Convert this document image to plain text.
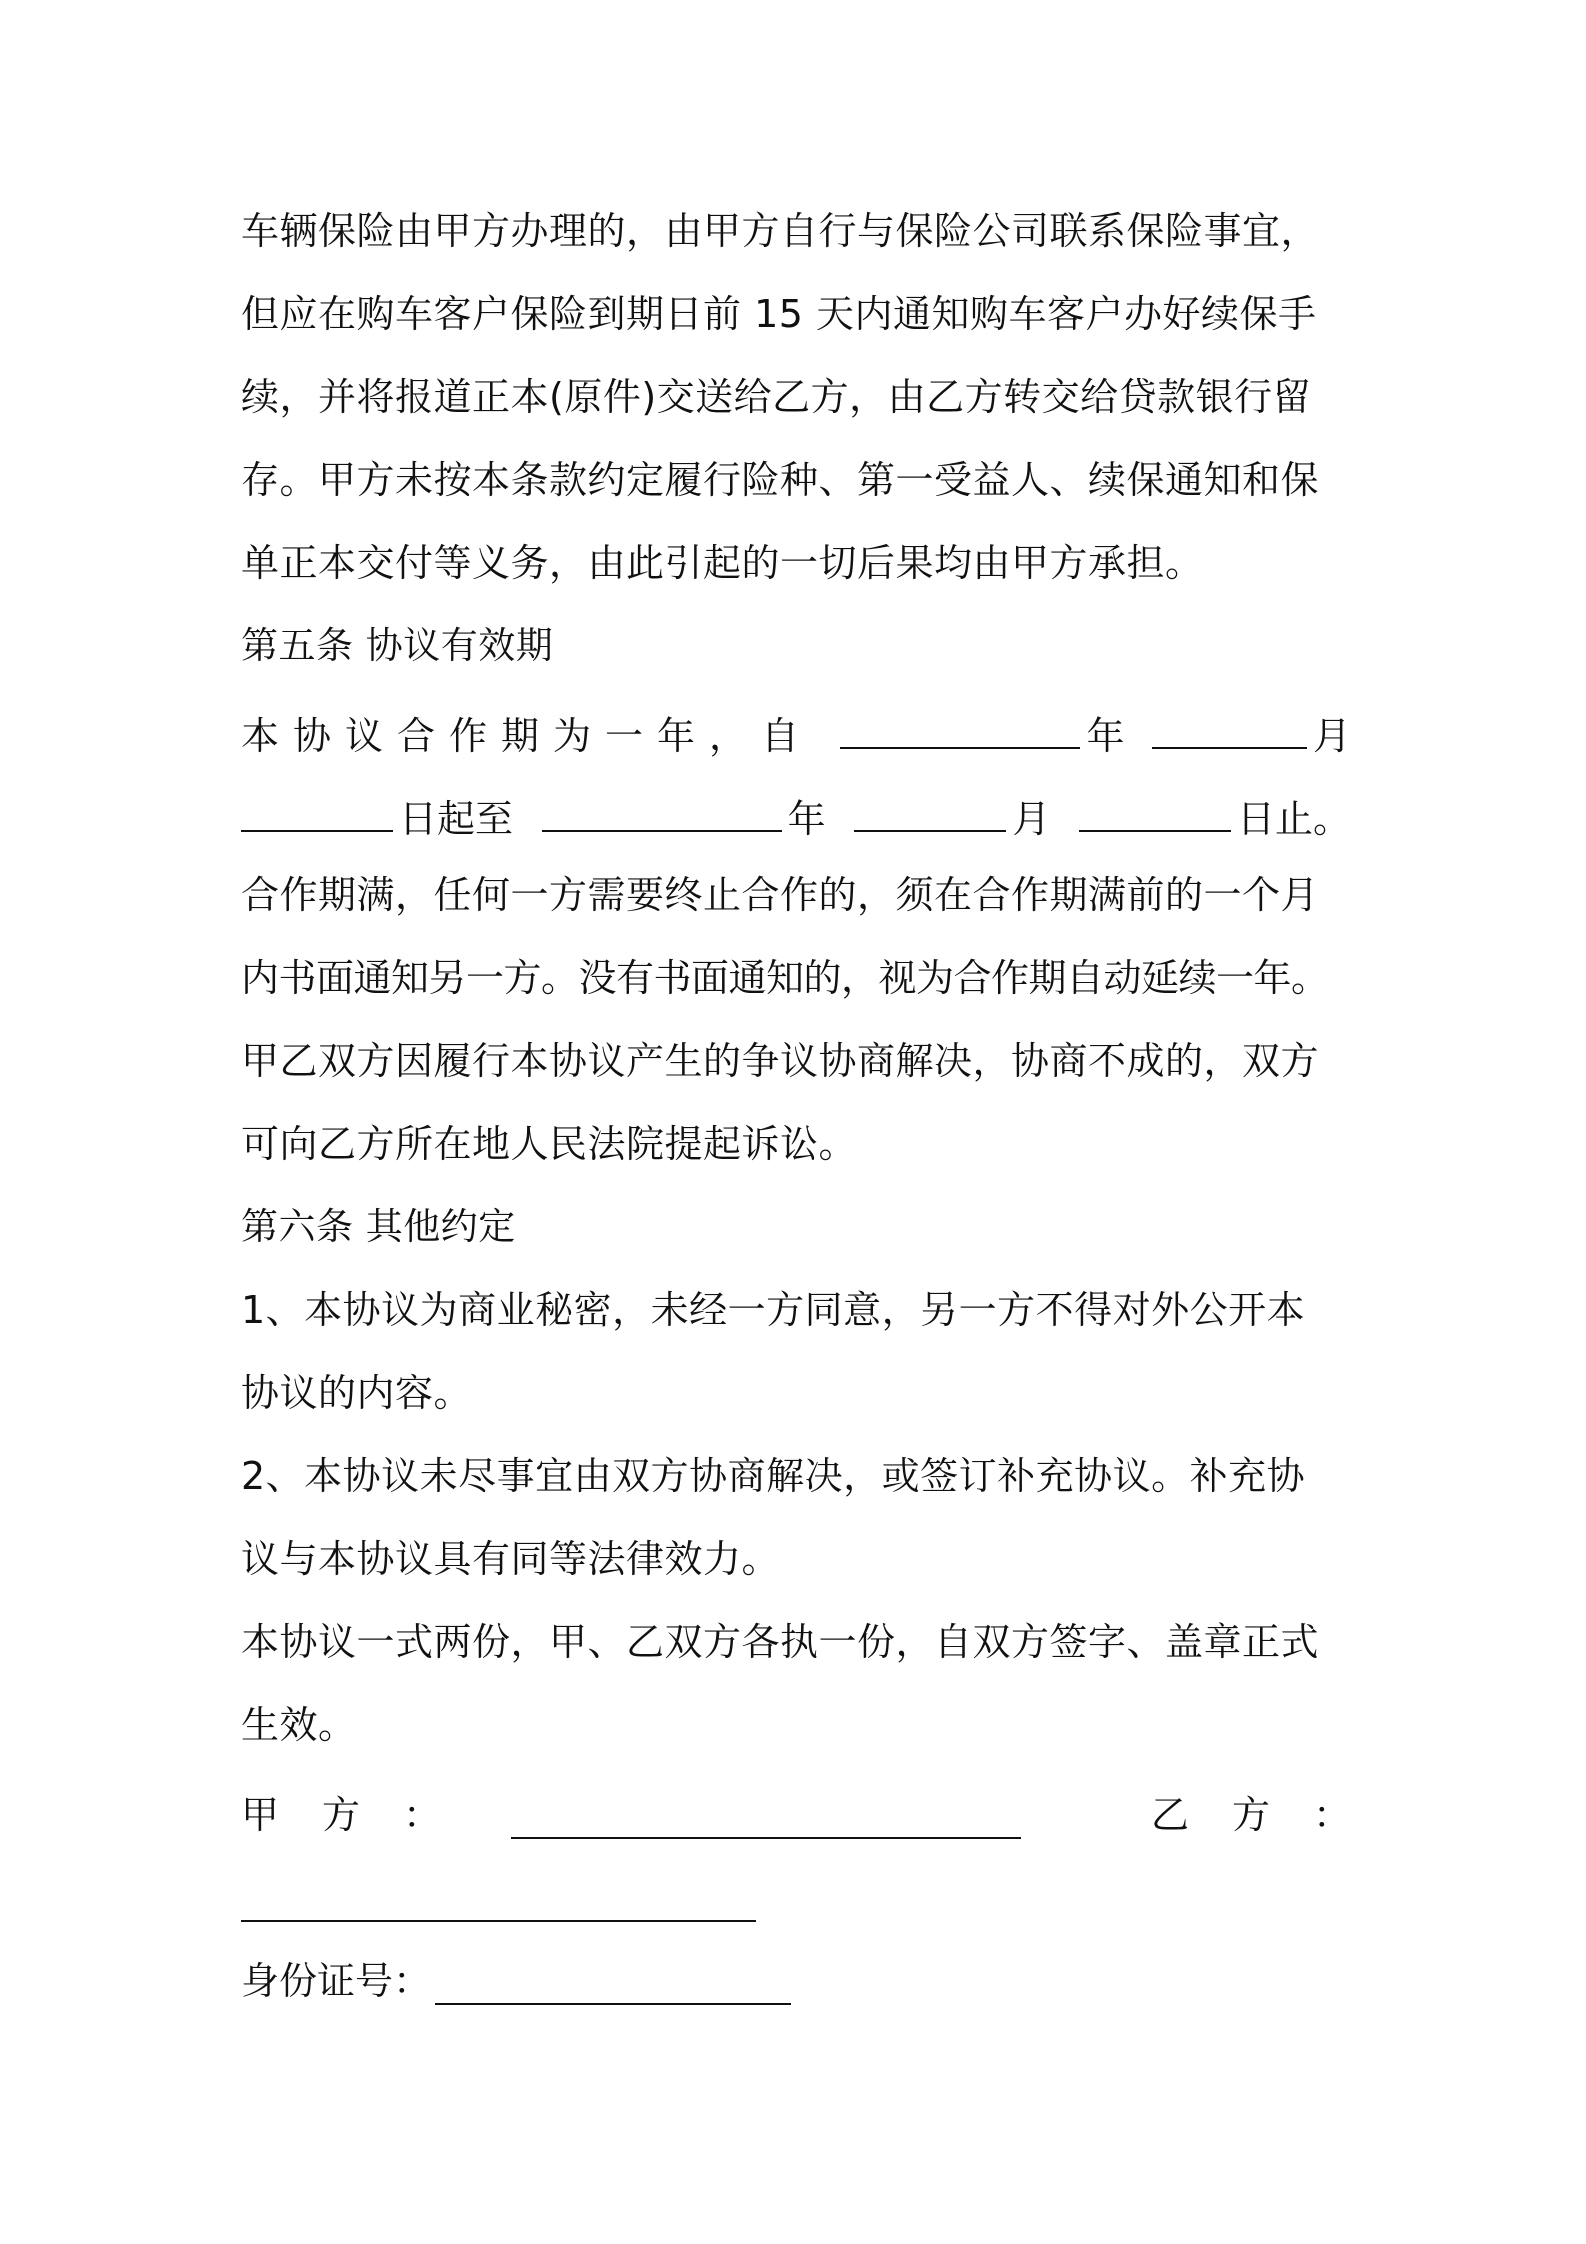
车辆保险由甲方办理的，由甲方自行与保险公司联系保险事宜，
但应在购车客户保险到期日前 15 天内通知购车客户办好续保手
续，并将报道正本(原件)交送给乙方，由乙方转交给贷款银行留
存。甲方未按本条款约定履行险种、第一受益人、续保通知和保
单正本交付等义务，由此引起的一切后果均由甲方承担。
第五条 协议有效期
本协议合作期为一年，自	年	月
日起至	年	月	日止。
合作期满，任何一方需要终止合作的，须在合作期满前的一个月
内书面通知另一方。没有书面通知的，视为合作期自动延续一年。
甲乙双方因履行本协议产生的争议协商解决，协商不成的，双方
可向乙方所在地人民法院提起诉讼。
第六条 其他约定
1、本协议为商业秘密，未经一方同意，另一方不得对外公开本
协议的内容。
2、本协议未尽事宜由双方协商解决，或签订补充协议。补充协
议与本协议具有同等法律效力。
本协议一式两份，甲、乙双方各执一份，自双方签字、盖章正式
生效。
甲 方 ：	乙 方 ：
身份证号：
